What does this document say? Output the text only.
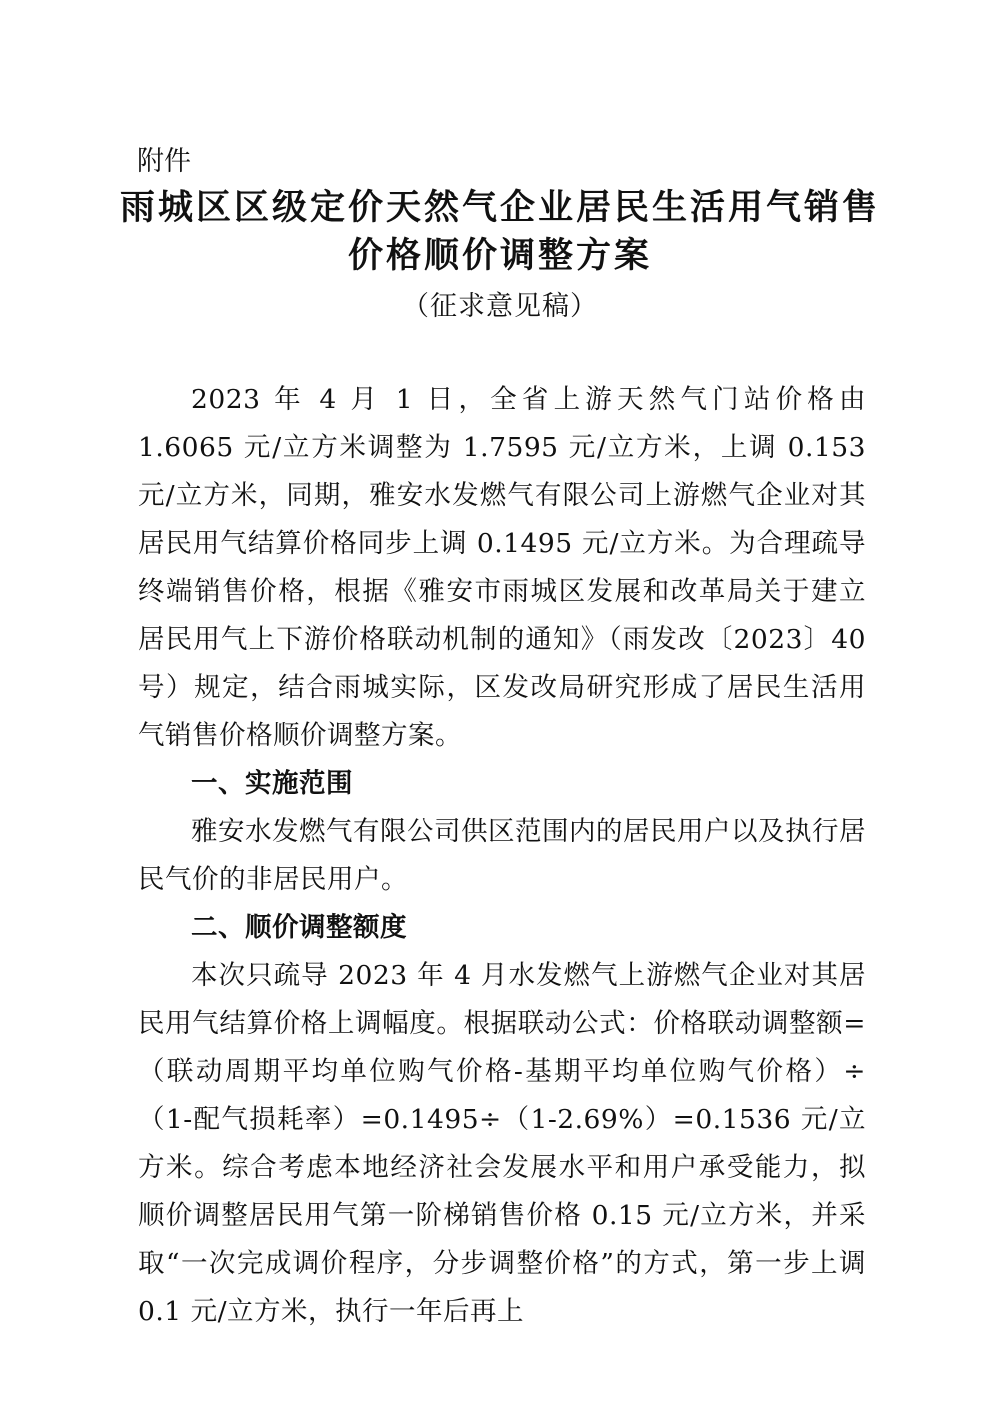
附件
雨城区区级定价天然气企业居民生活用气销售
价格顺价调整方案
（征求意见稿）

2023 年 4 月 1 日，全省上游天然气门站价格由 1.6065 元/立方米调整为 1.7595 元/立方米，上调 0.153 元/立方米，同期，雅安水发燃气有限公司上游燃气企业对其居民用气结算价格同步上调 0.1495 元/立方米。为合理疏导终端销售价格，根据《雅安市雨城区发展和改革局关于建立居民用气上下游价格联动机制的通知》（雨发改〔2023〕40 号）规定，结合雨城实际，区发改局研究形成了居民生活用气销售价格顺价调整方案。

一、实施范围

雅安水发燃气有限公司供区范围内的居民用户以及执行居民气价的非居民用户。

二、顺价调整额度

本次只疏导 2023 年 4 月水发燃气上游燃气企业对其居民用气结算价格上调幅度。根据联动公式：价格联动调整额=（联动周期平均单位购气价格-基期平均单位购气价格）÷（1-配气损耗率）=0.1495÷（1-2.69%）=0.1536 元/立方米。综合考虑本地经济社会发展水平和用户承受能力，拟顺价调整居民用气第一阶梯销售价格 0.15 元/立方米，并采取“一次完成调价程序，分步调整价格”的方式，第一步上调 0.1 元/立方米，执行一年后再上
